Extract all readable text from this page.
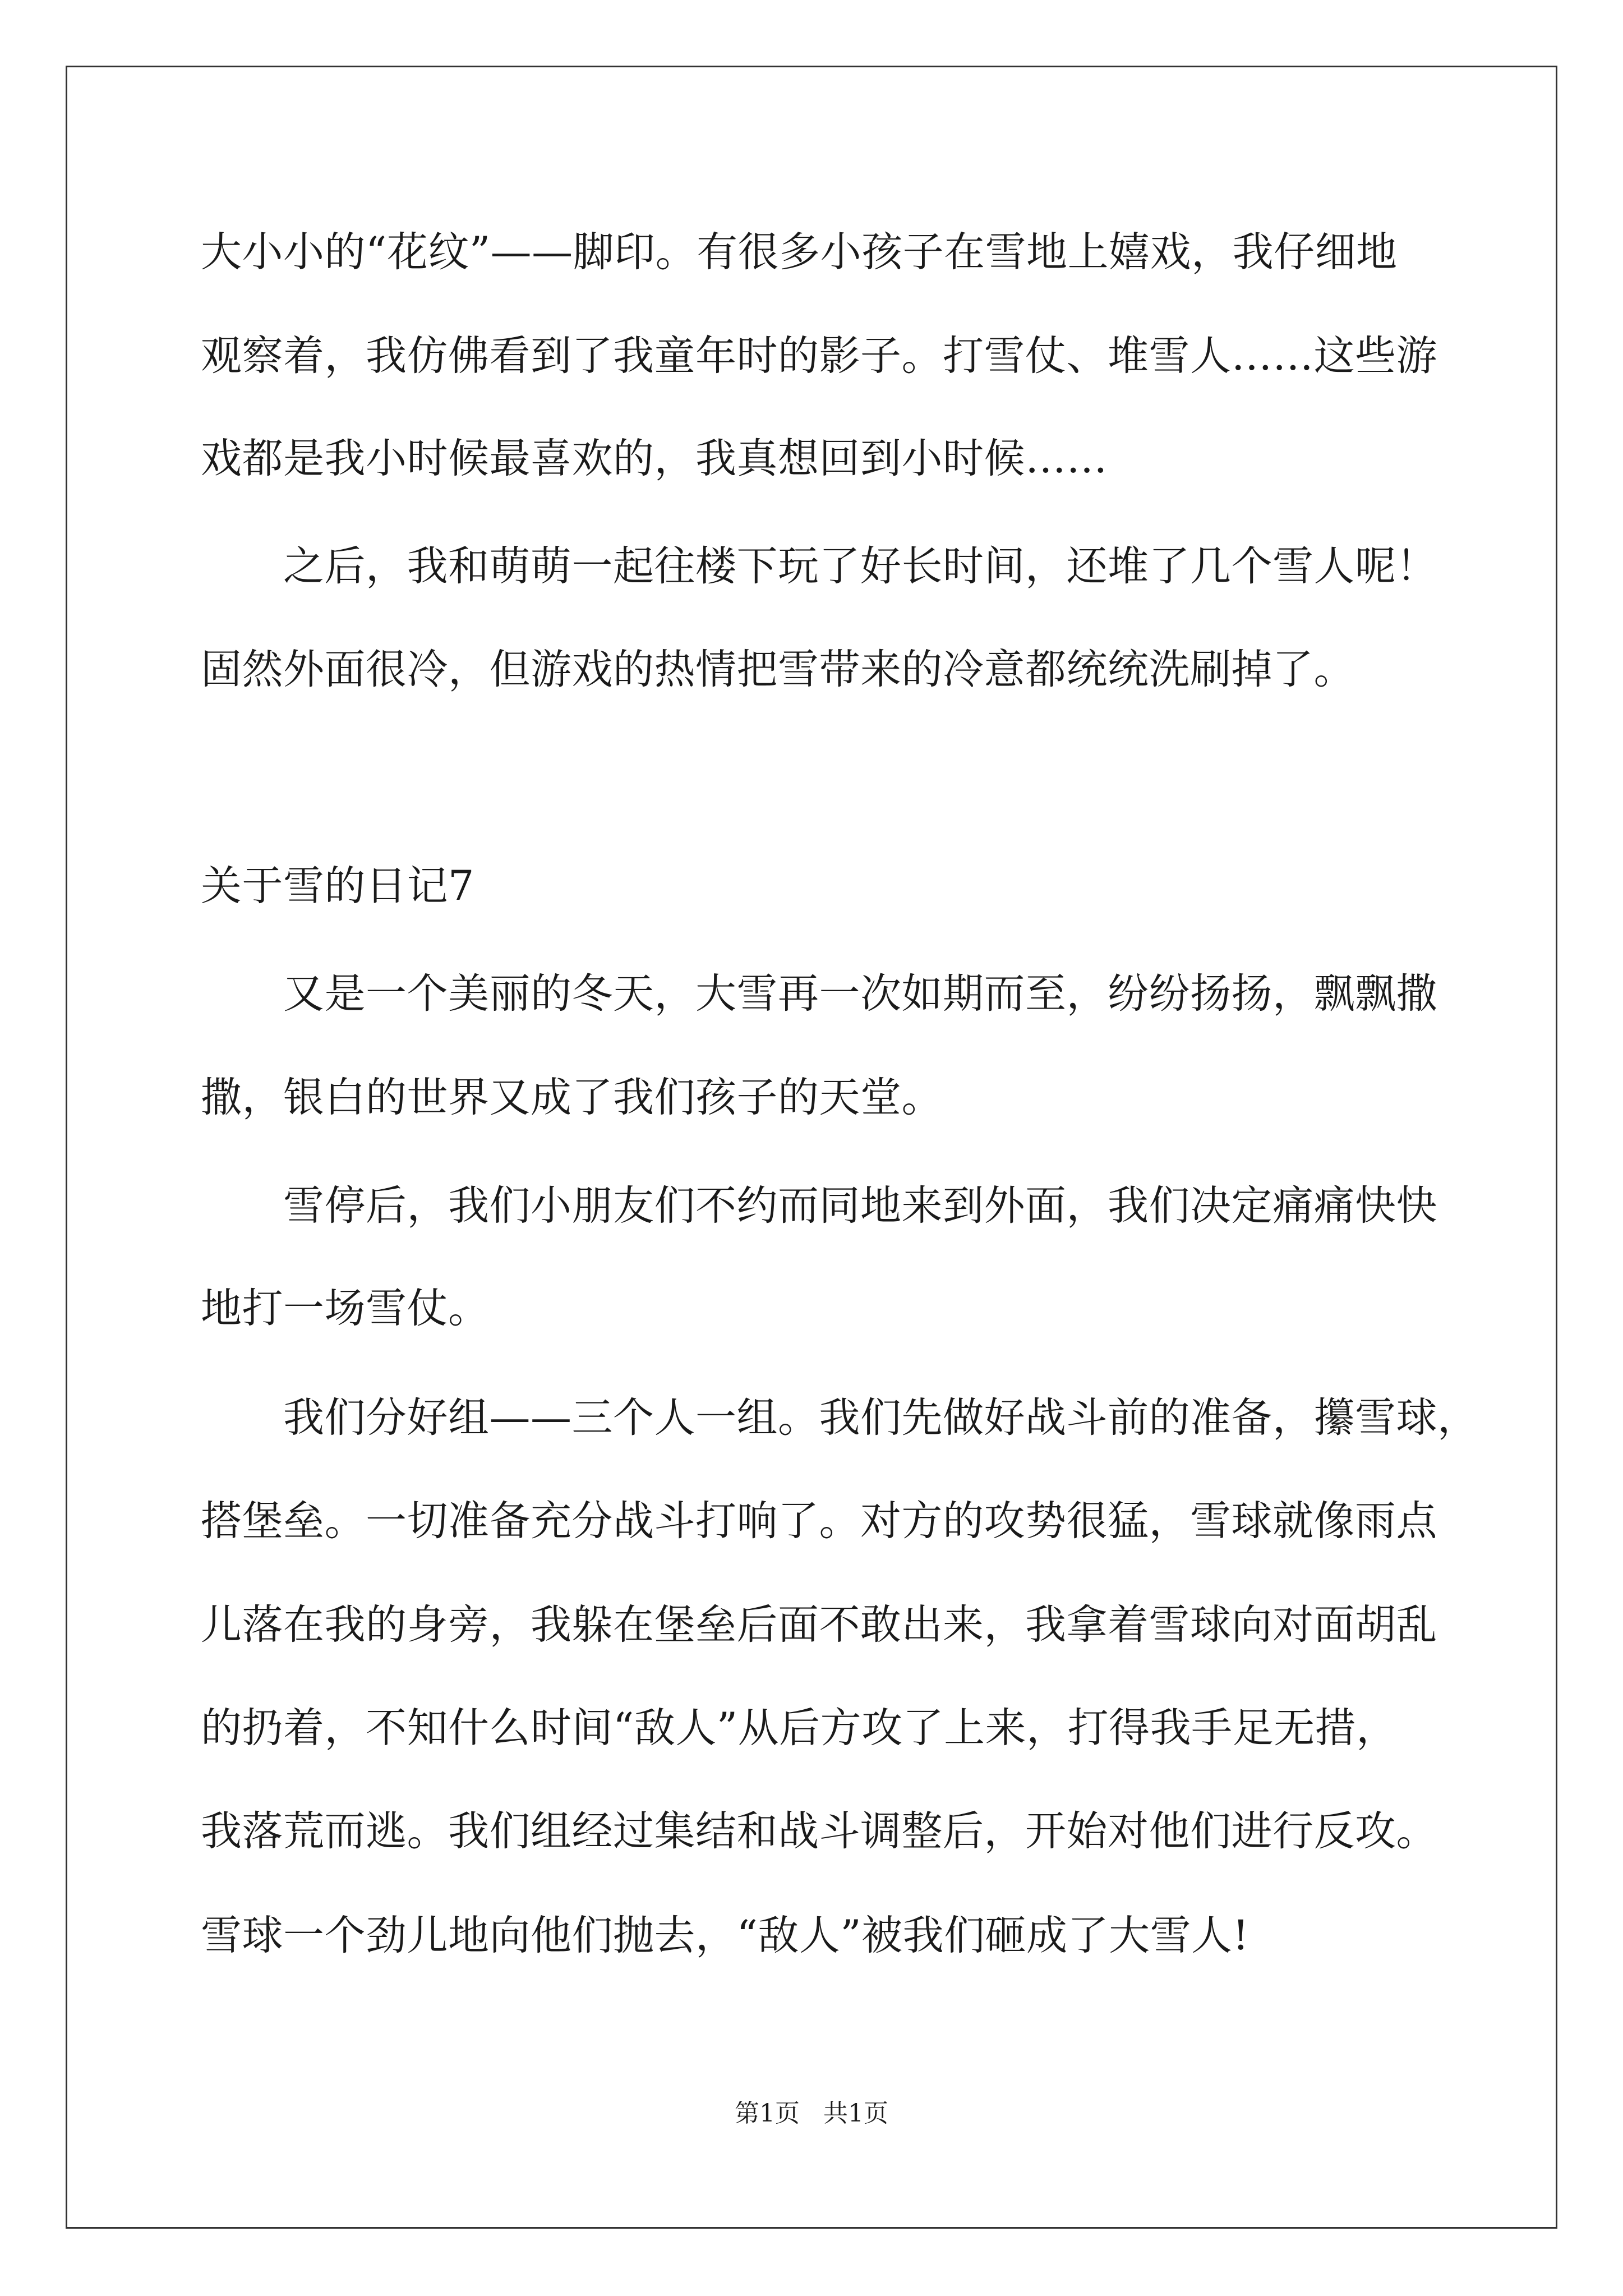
大小小的“花纹”——脚印。有很多小孩子在雪地上嬉戏，我仔细地
观察着，我仿佛看到了我童年时的影子。打雪仗、堆雪人……这些游
戏都是我小时候最喜欢的，我真想回到小时候……
之后，我和萌萌一起往楼下玩了好长时间，还堆了几个雪人呢！
固然外面很冷，但游戏的热情把雪带来的冷意都统统洗刷掉了。
关于雪的日记7
又是一个美丽的冬天，大雪再一次如期而至，纷纷扬扬，飘飘撒
撒，银白的世界又成了我们孩子的天堂。
雪停后，我们小朋友们不约而同地来到外面，我们决定痛痛快快
地打一场雪仗。
我们分好组——三个人一组。我们先做好战斗前的准备，攥雪球，
搭堡垒。一切准备充分战斗打响了。对方的攻势很猛，雪球就像雨点
儿落在我的身旁，我躲在堡垒后面不敢出来，我拿着雪球向对面胡乱
的扔着，不知什么时间“敌人”从后方攻了上来，打得我手足无措，
我落荒而逃。我们组经过集结和战斗调整后，开始对他们进行反攻。
雪球一个劲儿地向他们抛去，“敌人”被我们砸成了大雪人!
第1页   共1页
